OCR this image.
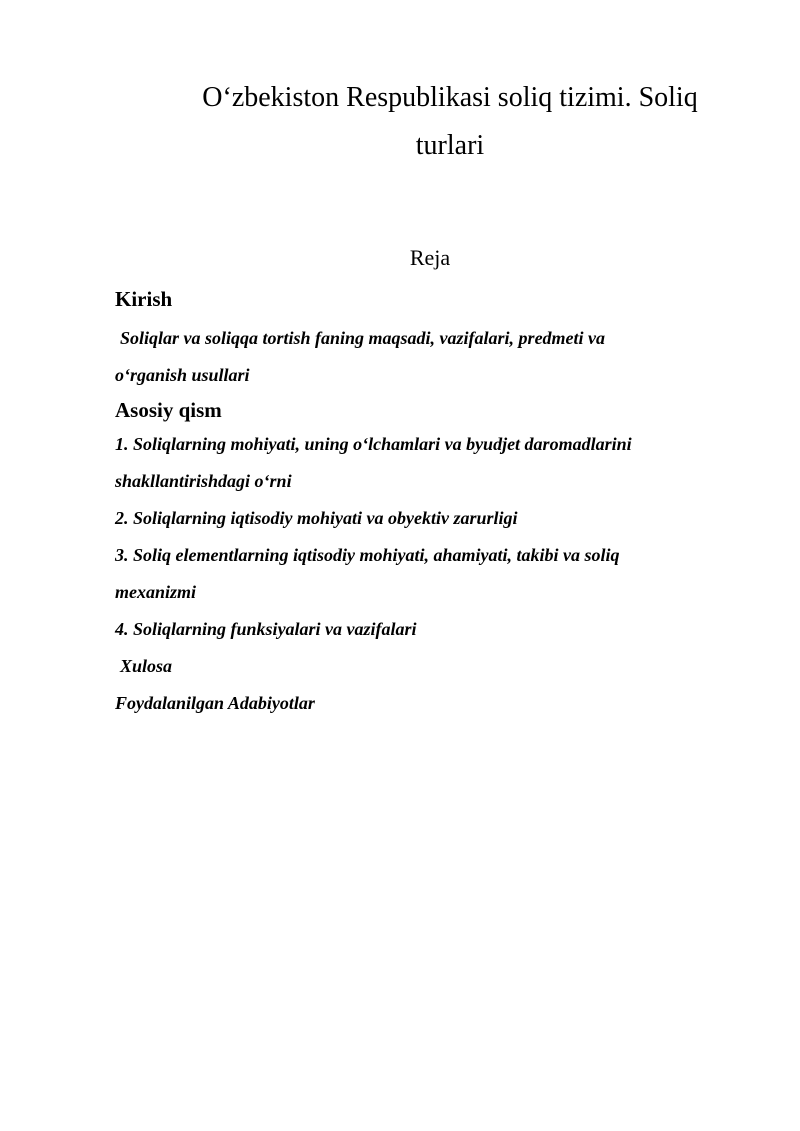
O‘zbekiston Respublikasi soliq tizimi. Soliq
turlari

Reja

Kirish

Soliqlar va soliqqa tortish faning maqsadi, vazifalari, predmeti va

o‘rganish usullari

Asosiy qism

1. Soliqlarning mohiyati, uning o‘lchamlari va byudjet daromadlarini

shakllantirishdagi o‘rni

2. Soliqlarning iqtisodiy mohiyati va obyektiv zarurligi

3. Soliq elementlarning iqtisodiy mohiyati, ahamiyati, takibi va soliq

mexanizmi

4. Soliqlarning funksiyalari va vazifalari

Xulosa

Foydalanilgan Adabiyotlar
